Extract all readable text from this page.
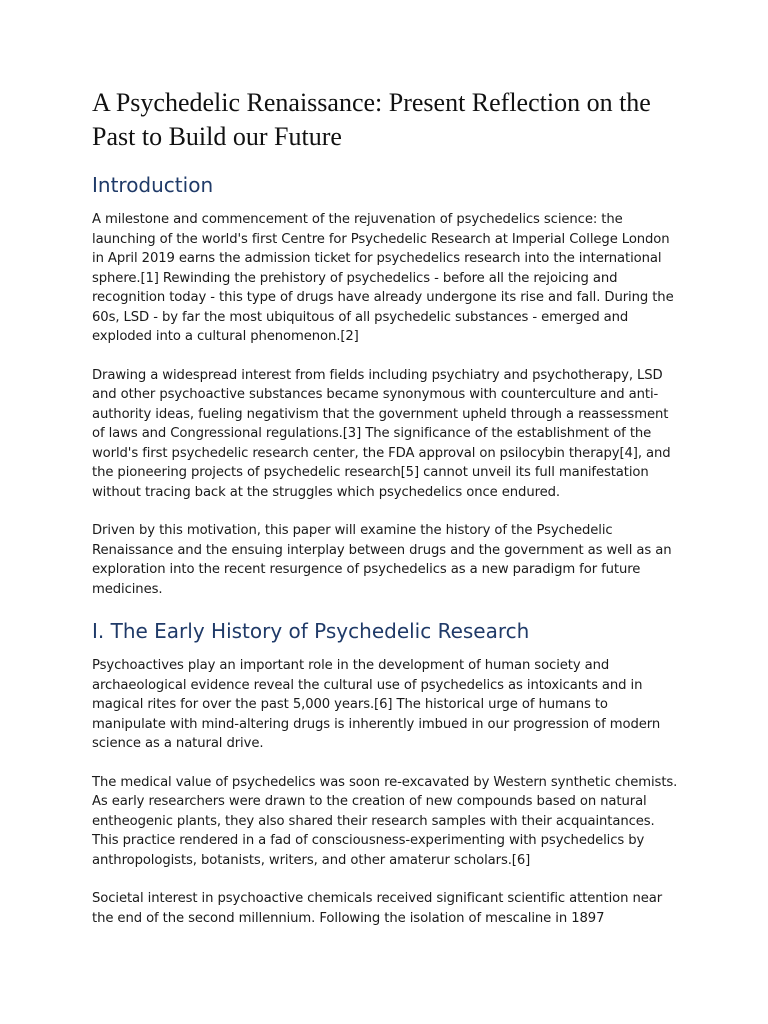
A Psychedelic Renaissance: Present Reflection on the Past to Build our Future
Introduction

A milestone and commencement of the rejuvenation of psychedelics science: the launching of the world's first Centre for Psychedelic Research at Imperial College London in April 2019 earns the admission ticket for psychedelics research into the international sphere.[1] Rewinding the prehistory of psychedelics - before all the rejoicing and recognition today - this type of drugs have already undergone its rise and fall. During the 60s, LSD - by far the most ubiquitous of all psychedelic substances - emerged and exploded into a cultural phenomenon.[2]

Drawing a widespread interest from fields including psychiatry and psychotherapy, LSD and other psychoactive substances became synonymous with counterculture and anti-authority ideas, fueling negativism that the government upheld through a reassessment of laws and Congressional regulations.[3] The significance of the establishment of the world's first psychedelic research center, the FDA approval on psilocybin therapy[4], and the pioneering projects of psychedelic research[5] cannot unveil its full manifestation without tracing back at the struggles which psychedelics once endured.

Driven by this motivation, this paper will examine the history of the Psychedelic Renaissance and the ensuing interplay between drugs and the government as well as an exploration into the recent resurgence of psychedelics as a new paradigm for future medicines.

I. The Early History of Psychedelic Research

Psychoactives play an important role in the development of human society and archaeological evidence reveal the cultural use of psychedelics as intoxicants and in magical rites for over the past 5,000 years.[6] The historical urge of humans to manipulate with mind-altering drugs is inherently imbued in our progression of modern science as a natural drive.

The medical value of psychedelics was soon re-excavated by Western synthetic chemists. As early researchers were drawn to the creation of new compounds based on natural entheogenic plants, they also shared their research samples with their acquaintances. This practice rendered in a fad of consciousness-experimenting with psychedelics by anthropologists, botanists, writers, and other amaterur scholars.[6]

Societal interest in psychoactive chemicals received significant scientific attention near the end of the second millennium. Following the isolation of mescaline in 1897
